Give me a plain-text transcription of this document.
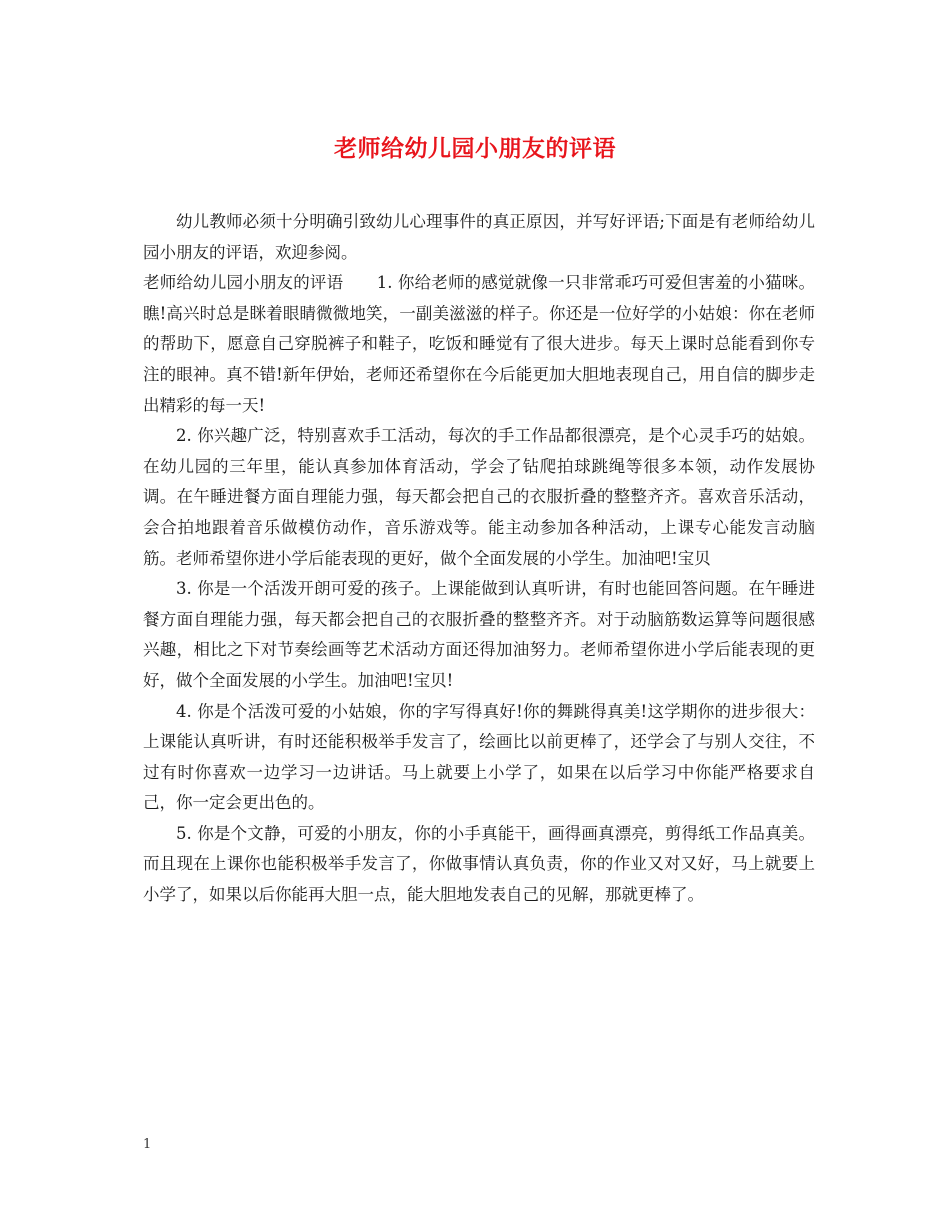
老师给幼儿园小朋友的评语

幼儿教师必须十分明确引致幼儿心理事件的真正原因，并写好评语;下面是有老师给幼儿园小朋友的评语，欢迎参阅。

老师给幼儿园小朋友的评语　　1. 你给老师的感觉就像一只非常乖巧可爱但害羞的小猫咪。瞧!高兴时总是眯着眼睛微微地笑，一副美滋滋的样子。你还是一位好学的小姑娘：你在老师的帮助下，愿意自己穿脱裤子和鞋子，吃饭和睡觉有了很大进步。每天上课时总能看到你专注的眼神。真不错!新年伊始，老师还希望你在今后能更加大胆地表现自己，用自信的脚步走出精彩的每一天!

2. 你兴趣广泛，特别喜欢手工活动，每次的手工作品都很漂亮，是个心灵手巧的姑娘。在幼儿园的三年里，能认真参加体育活动，学会了钻爬拍球跳绳等很多本领，动作发展协调。在午睡进餐方面自理能力强，每天都会把自己的衣服折叠的整整齐齐。喜欢音乐活动，会合拍地跟着音乐做模仿动作，音乐游戏等。能主动参加各种活动，上课专心能发言动脑筋。老师希望你进小学后能表现的更好，做个全面发展的小学生。加油吧!宝贝

3. 你是一个活泼开朗可爱的孩子。上课能做到认真听讲，有时也能回答问题。在午睡进餐方面自理能力强，每天都会把自己的衣服折叠的整整齐齐。对于动脑筋数运算等问题很感兴趣，相比之下对节奏绘画等艺术活动方面还得加油努力。老师希望你进小学后能表现的更好，做个全面发展的小学生。加油吧!宝贝!

4. 你是个活泼可爱的小姑娘，你的字写得真好!你的舞跳得真美!这学期你的进步很大：上课能认真听讲，有时还能积极举手发言了，绘画比以前更棒了，还学会了与别人交往，不过有时你喜欢一边学习一边讲话。马上就要上小学了，如果在以后学习中你能严格要求自己，你一定会更出色的。

5. 你是个文静，可爱的小朋友，你的小手真能干，画得画真漂亮，剪得纸工作品真美。而且现在上课你也能积极举手发言了，你做事情认真负责，你的作业又对又好，马上就要上小学了，如果以后你能再大胆一点，能大胆地发表自己的见解，那就更棒了。

1
